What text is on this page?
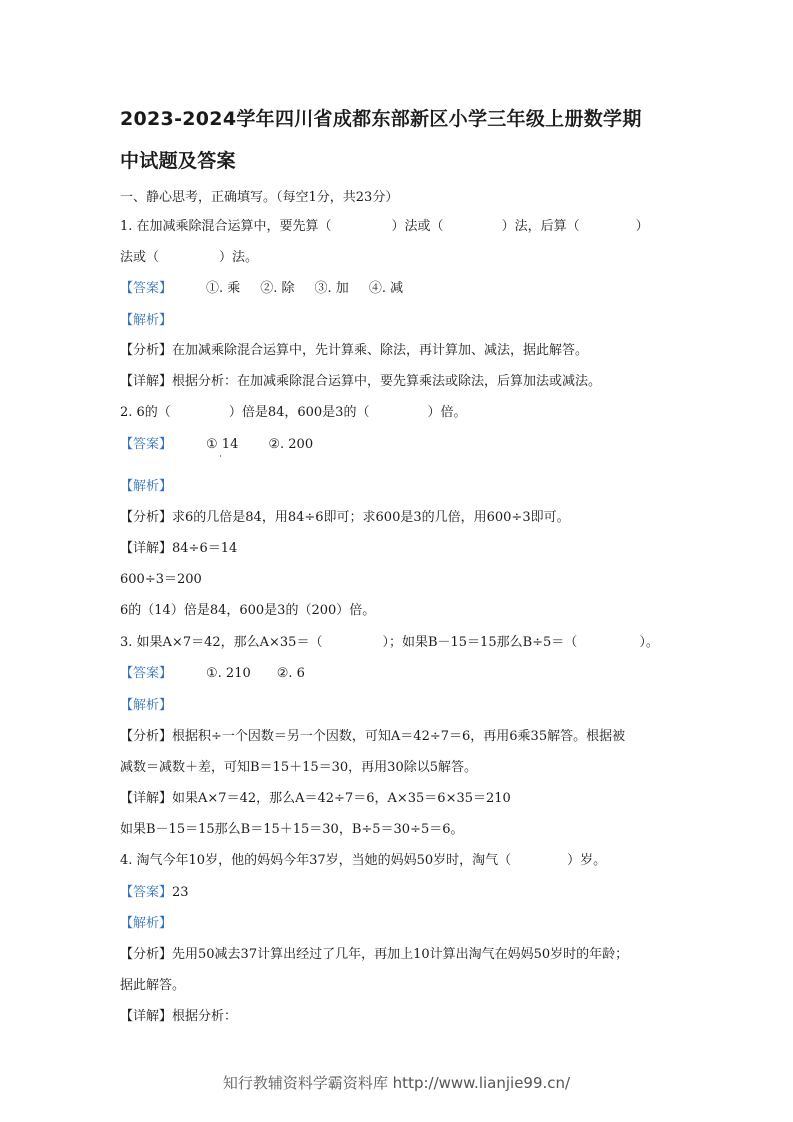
2023-2024学年四川省成都东部新区小学三年级上册数学期
中试题及答案
一、静心思考，正确填写。（每空1分，共23分）
1. 在加减乘除混合运算中，要先算（	）法或（	）法，后算（	）
法或（	）法。
【答案】	①. 乘 ②. 除 ③. 加 ④. 减
【解析】
【分析】在加减乘除混合运算中，先计算乘、除法，再计算加、减法，据此解答。
【详解】根据分析：在加减乘除混合运算中，要先算乘法或除法，后算加法或减法。
2. 6的（	）倍是84，600是3的（	）倍。
【答案】	① 14 ②. 200
【解析】
【分析】求6的几倍是84，用84÷6即可；求600是3的几倍，用600÷3即可。
【详解】84÷6＝14
600÷3＝200
6的（14）倍是84，600是3的（200）倍。
3. 如果A×7＝42，那么A×35＝（	）；如果B－15＝15那么B÷5＝（	）。
【答案】	①. 210 ②. 6
【解析】
【分析】根据积÷一个因数＝另一个因数，可知A＝42÷7＝6，再用6乘35解答。根据被
减数＝减数＋差，可知B＝15＋15＝30，再用30除以5解答。
【详解】如果A×7＝42，那么A＝42÷7＝6，A×35＝6×35＝210
如果B－15＝15那么B＝15＋15＝30，B÷5＝30÷5＝6。
4. 淘气今年10岁，他的妈妈今年37岁，当她的妈妈50岁时，淘气（	）岁。
【答案】23
【解析】
【分析】先用50减去37计算出经过了几年，再加上10计算出淘气在妈妈50岁时的年龄；
据此解答。
【详解】根据分析：
知行教辅资料学霸资料库 http://www.lianjie99.cn/
